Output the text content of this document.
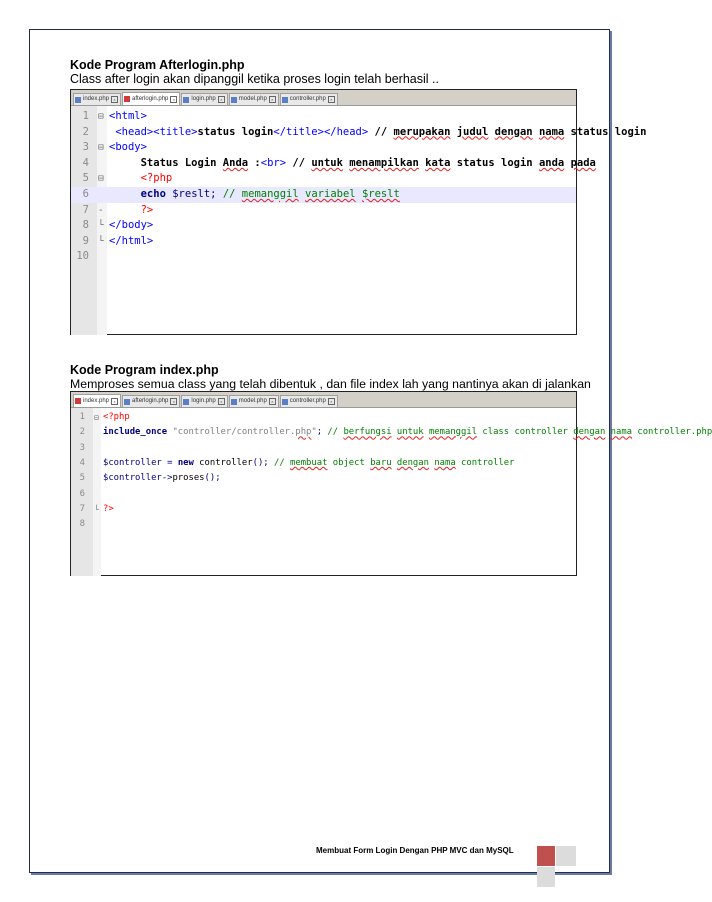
Kode Program Afterlogin.php
Class after login akan dipanggil ketika proses login telah berhasil ..
index.php	×	afterlogin.php	×	login.php	×	model.php	×	controller.php	×
1 ⊟ <html>
2 <head><title>status login</title></head> // merupakan judul dengan nama status login
3 ⊟ <body>
4 Status Login Anda :<br> // untuk menampilkan kata status login anda pada
5 ⊟ <?php
6	echo $reslt; // memanggil variabel $reslt
7 - ?>
8 └ </body>
9 └ </html>
10
Kode Program index.php
Memproses semua class yang telah dibentuk , dan file index lah yang nantinya akan di jalankan
index.php	×	afterlogin.php	×	login.php	×	model.php	×	controller.php	×
1 ⊟ <?php
2 include_once "controller/controller.php"; // berfungsi untuk memanggil class controller dengan nama controller.php
3
4 $controller = new controller(); // membuat object baru dengan nama controller
5 $controller->proses();
6
7 └ ?>
8
Membuat Form Login Dengan PHP MVC dan MySQL
